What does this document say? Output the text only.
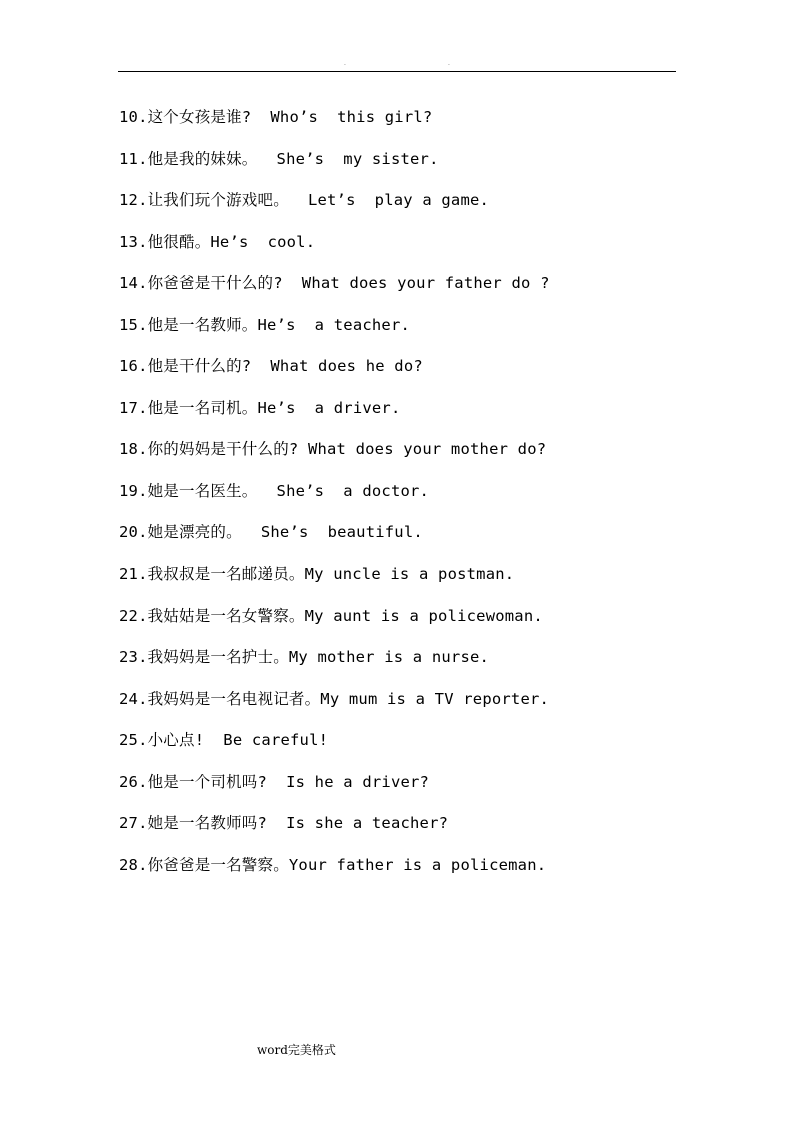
.	.
10.这个女孩是谁?  Who’s  this girl?
11.他是我的妹妹。  She’s  my sister.
12.让我们玩个游戏吧。  Let’s  play a game.
13.他很酷。He’s  cool.
14.你爸爸是干什么的?  What does your father do ?
15.他是一名教师。He’s  a teacher.
16.他是干什么的?  What does he do?
17.他是一名司机。He’s  a driver.
18.你的妈妈是干什么的? What does your mother do?
19.她是一名医生。  She’s  a doctor.
20.她是漂亮的。  She’s  beautiful.
21.我叔叔是一名邮递员。My uncle is a postman.
22.我姑姑是一名女警察。My aunt is a policewoman.
23.我妈妈是一名护士。My mother is a nurse.
24.我妈妈是一名电视记者。My mum is a TV reporter.
25.小心点!  Be careful!
26.他是一个司机吗?  Is he a driver?
27.她是一名教师吗?  Is she a teacher?
28.你爸爸是一名警察。Your father is a policeman.
word完美格式
